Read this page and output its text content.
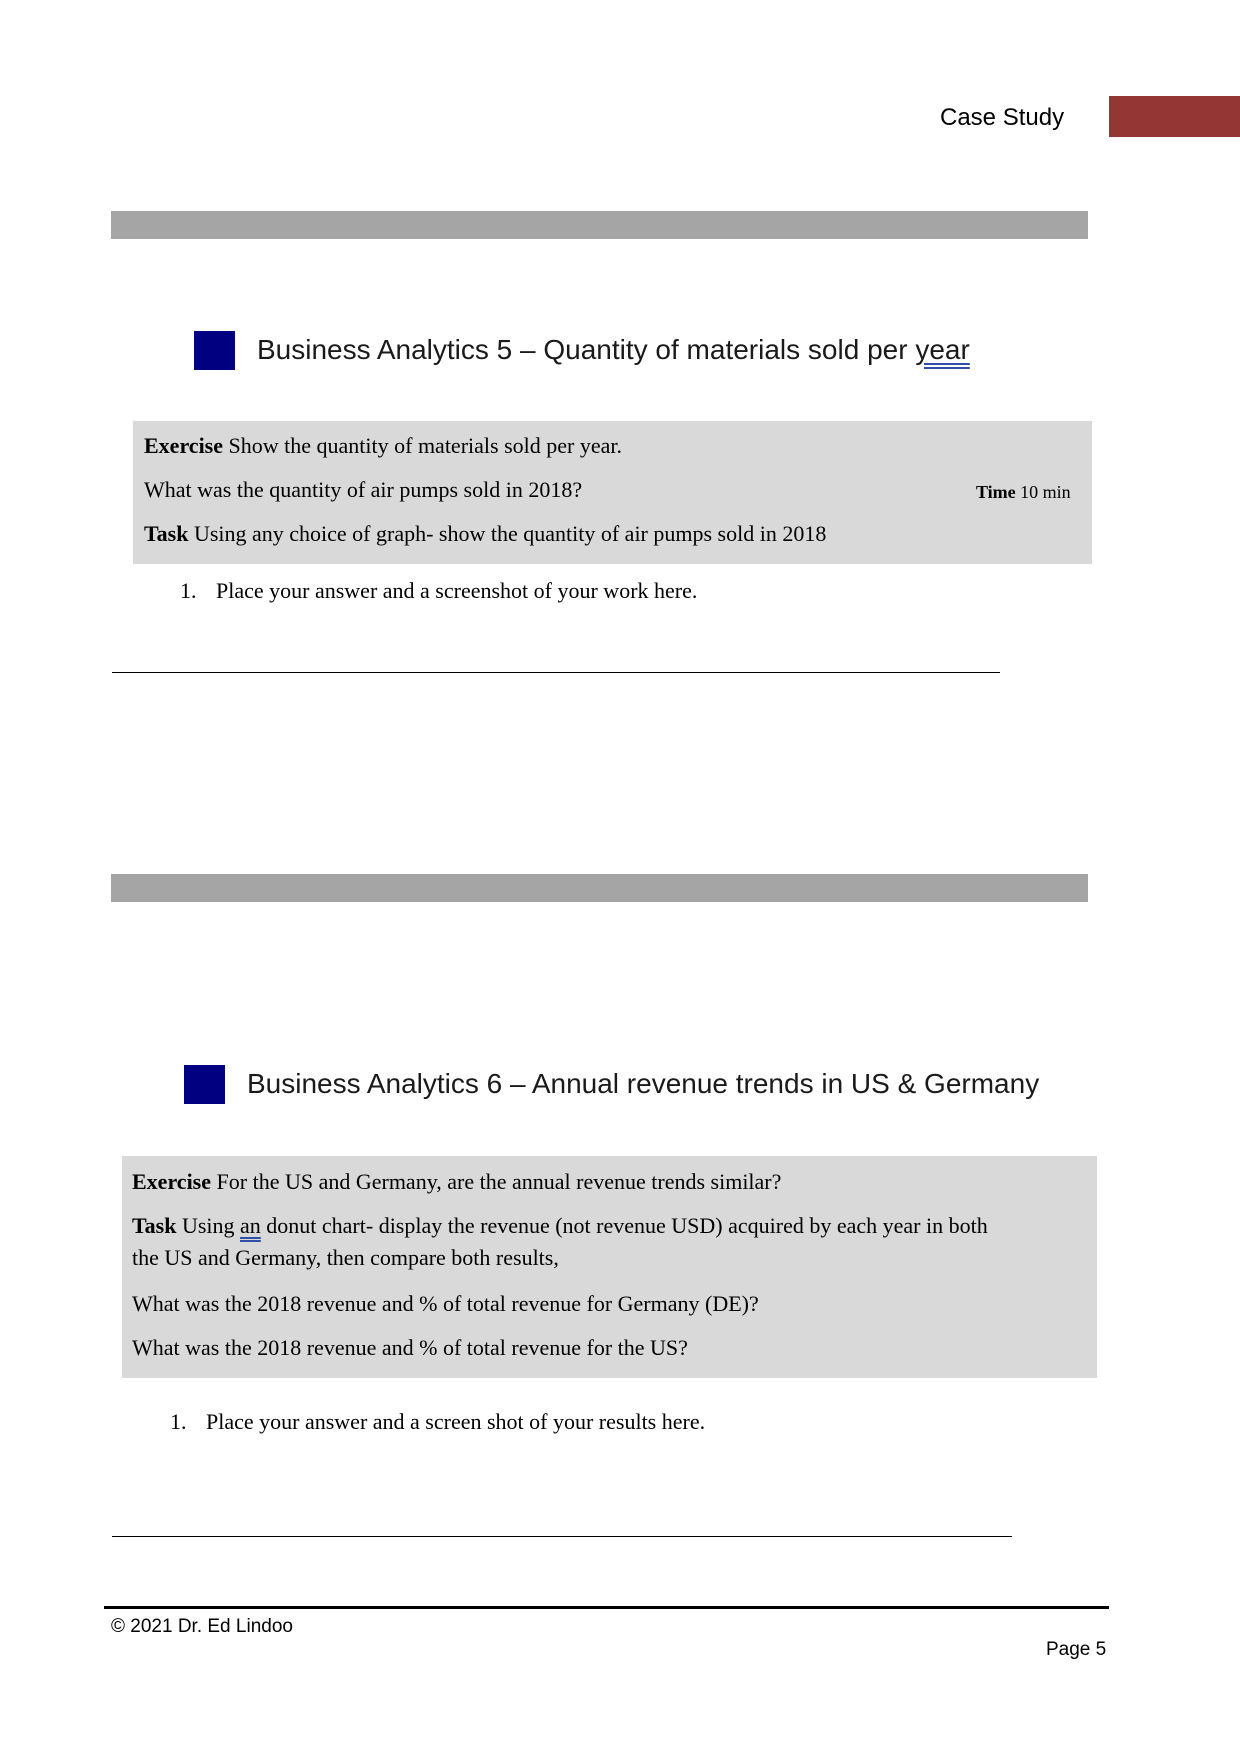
Case Study
Business Analytics 5 – Quantity of materials sold per year
Exercise Show the quantity of materials sold per year.
What was the quantity of air pumps sold in 2018?	Time 10 min
Task Using any choice of graph- show the quantity of air pumps sold in 2018
1. Place your answer and a screenshot of your work here.
Business Analytics 6 – Annual revenue trends in US & Germany
Exercise For the US and Germany, are the annual revenue trends similar?
Task Using an donut chart- display the revenue (not revenue USD) acquired by each year in both
the US and Germany, then compare both results,
What was the 2018 revenue and % of total revenue for Germany (DE)?
What was the 2018 revenue and % of total revenue for the US?
1. Place your answer and a screen shot of your results here.
© 2021 Dr. Ed Lindoo
Page 5
